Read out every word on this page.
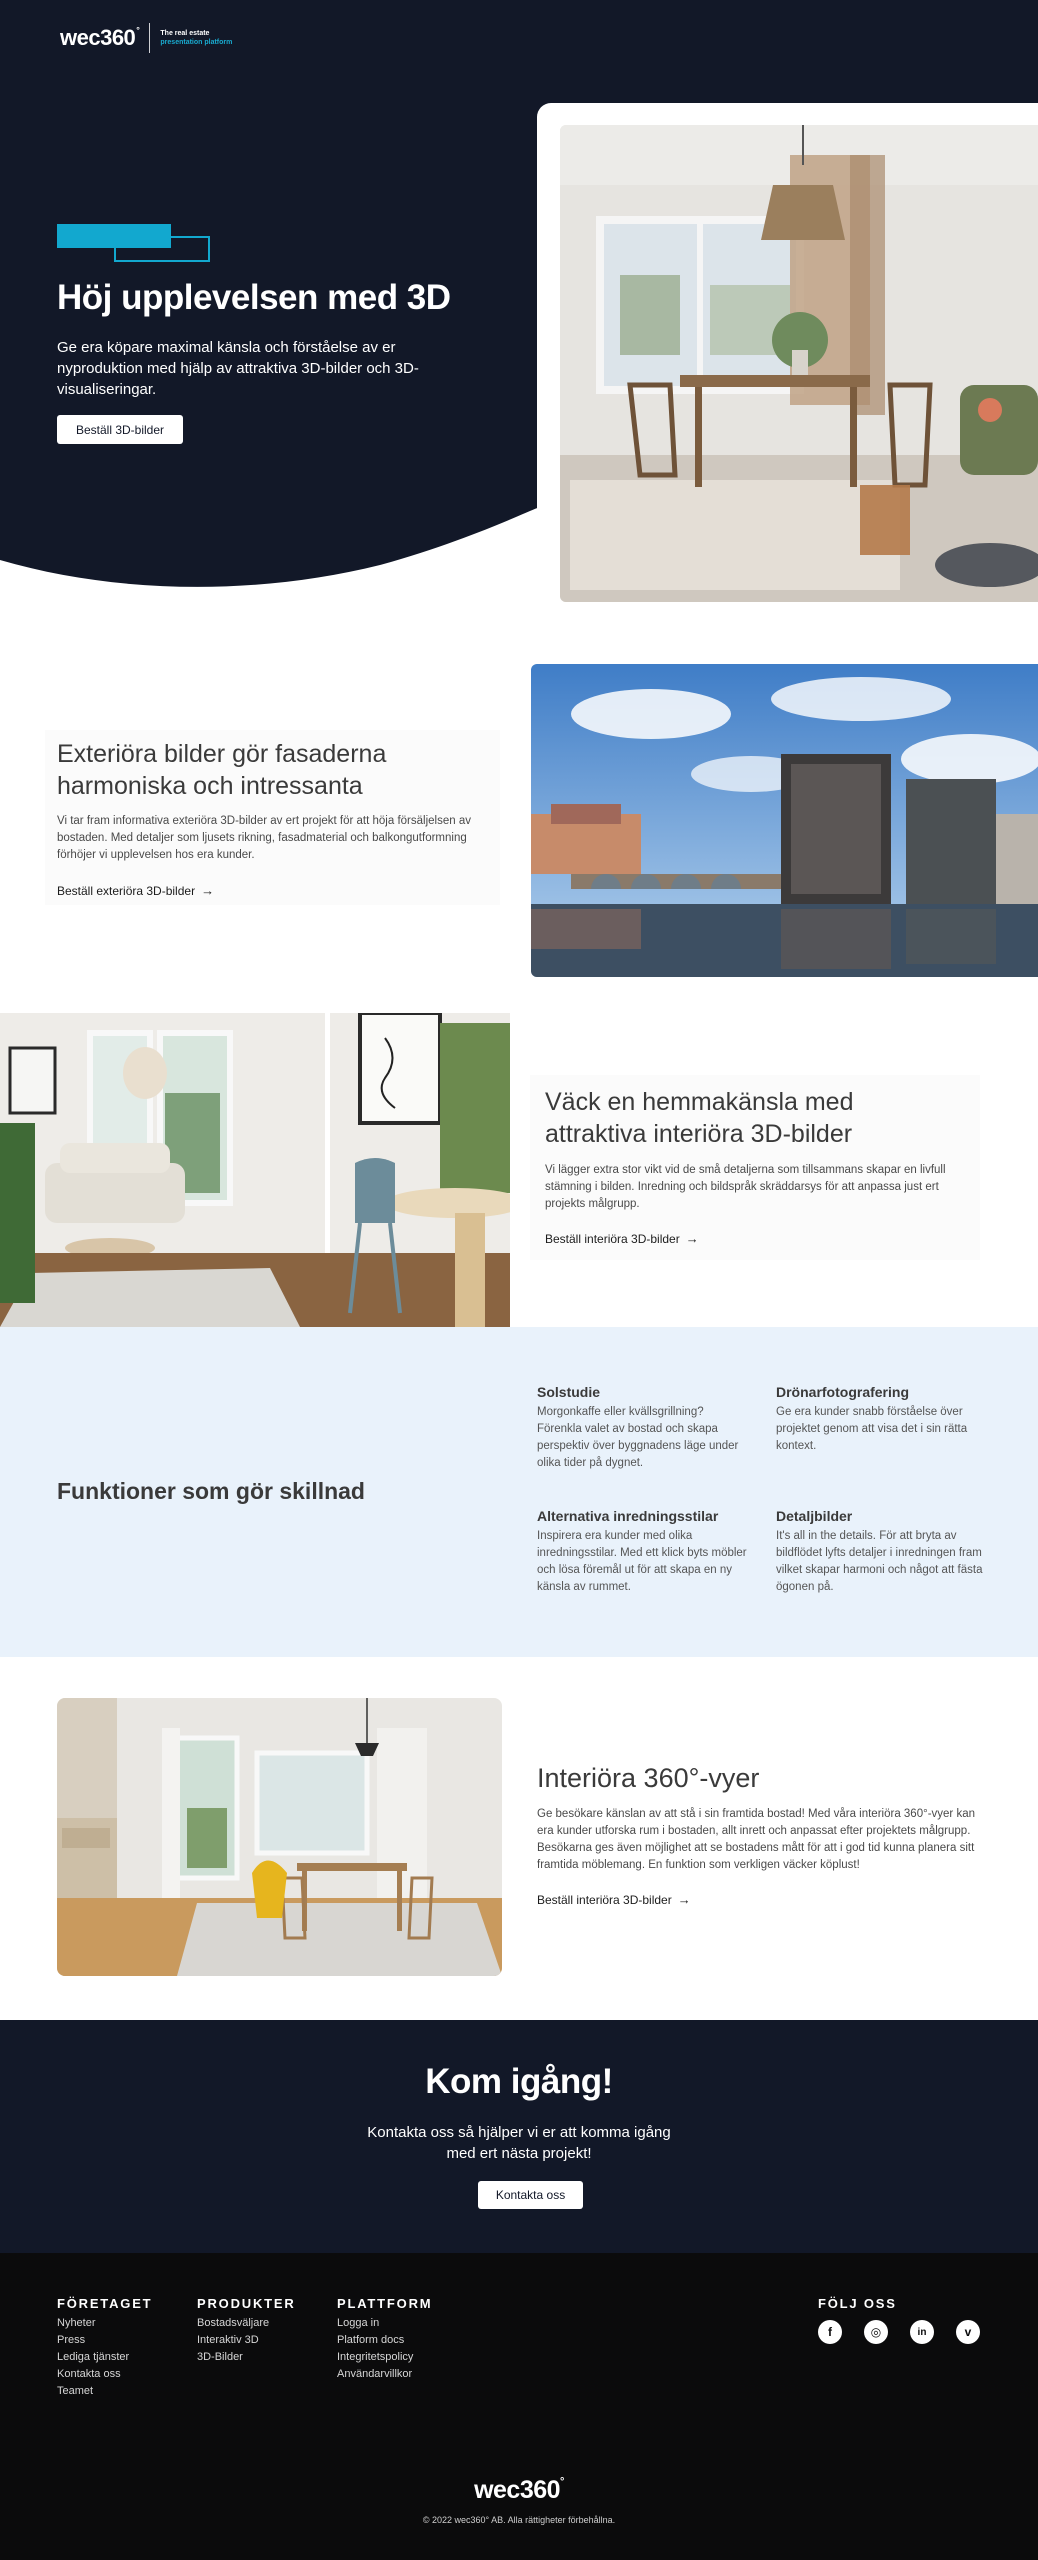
wec360°	The real estate
presentation platform
Höj upplevelsen med 3D

Ge era köpare maximal känsla och förståelse av er nyproduktion med hjälp av attraktiva 3D-bilder och 3D-visualiseringar.

Beställ 3D-bilder
Exteriöra bilder gör fasaderna harmoniska och intressanta

Vi tar fram informativa exteriöra 3D-bilder av ert projekt för att höja försäljelsen av bostaden. Med detaljer som ljusets rikning, fasadmaterial och balkongutformning förhöjer vi upplevelsen hos era kunder.

Beställ exteriöra 3D-bilder →
Väck en hemmakänsla med attraktiva interiöra 3D-bilder

Vi lägger extra stor vikt vid de små detaljerna som tillsammans skapar en livfull stämning i bilden. Inredning och bildspråk skräddarsys för att anpassa just ert projekts målgrupp.

Beställ interiöra 3D-bilder →
Funktioner som gör skillnad
Solstudie

Morgonkaffe eller kvällsgrillning? Förenkla valet av bostad och skapa perspektiv över byggnadens läge under olika tider på dygnet.

Drönarfotografering

Ge era kunder snabb förståelse över projektet genom att visa det i sin rätta kontext.

Alternativa inredningsstilar

Inspirera era kunder med olika inredningsstilar. Med ett klick byts möbler och lösa föremål ut för att skapa en ny känsla av rummet.

Detaljbilder

It's all in the details. För att bryta av bildflödet lyfts detaljer i inredningen fram vilket skapar harmoni och något att fästa ögonen på.

Interiöra 360°-vyer

Ge besökare känslan av att stå i sin framtida bostad! Med våra interiöra 360°-vyer kan era kunder utforska rum i bostaden, allt inrett och anpassat efter projektets målgrupp. Besökarna ges även möjlighet att se bostadens mått för att i god tid kunna planera sitt framtida möblemang. En funktion som verkligen väcker köplust!

Beställ interiöra 3D-bilder →
Kom igång!

Kontakta oss så hjälper vi er att komma igång med ert nästa projekt!

Kontakta oss
FÖRETAGET
Nyheter
Press
Lediga tjänster
Kontakta oss
Teamet
PRODUKTER
Bostadsväljare
Interaktiv 3D
3D-Bilder
PLATTFORM
Logga in
Platform docs
Integritetspolicy
Användarvillkor
FÖLJ OSS
f	◎	in	v
wec360°

© 2022 wec360° AB. Alla rättigheter förbehållna.
